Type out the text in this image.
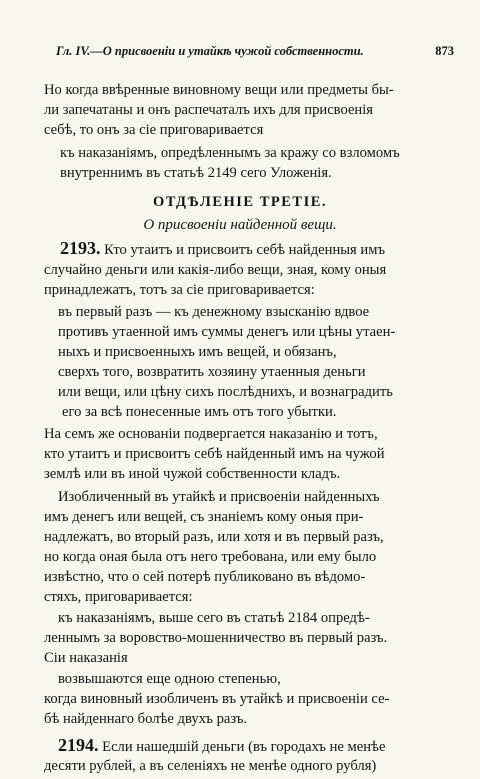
Гл. IV.—О присвоеніи и утайкѣ чужой собственности.	873
Но когда ввѣренные виновному вещи или предметы бы-
ли запечатаны и онъ распечаталъ ихъ для присвоенія
себѣ, то онъ за сіе приговаривается
къ наказаніямъ, опредѣленнымъ за кражу со взломомъ
внутреннимъ въ статьѣ 2149 сего Уложенія.
ОТДѢЛЕНІЕ ТРЕТІЕ.
О присвоеніи найденной вещи.
2193. Кто утаитъ и присвоитъ себѣ найденныя имъ
случайно деньги или какія-либо вещи, зная, кому оныя
принадлежатъ, тотъ за сіе приговаривается:
въ первый разъ — къ денежному взысканію вдвое
противъ утаенной имъ суммы денегъ или цѣны утаен-
ныхъ и присвоенныхъ имъ вещей, и обязанъ,
сверхъ того, возвратить хозяину утаенныя деньги
или вещи, или цѣну сихъ послѣднихъ, и вознаградить
его за всѣ понесенные имъ отъ того убытки.
На семъ же основаніи подвергается наказанію и тотъ,
кто утаитъ и присвоитъ себѣ найденный имъ на чужой
землѣ или въ иной чужой собственности кладъ.
Изобличенный въ утайкѣ и присвоеніи найденныхъ
имъ денегъ или вещей, съ знаніемъ кому оныя при-
надлежатъ, во вторый разъ, или хотя и въ первый разъ,
но когда оная была отъ него требована, или ему было
извѣстно, что о сей потерѣ публиковано въ вѣдомо-
стяхъ, приговаривается:
къ наказаніямъ, выше сего въ статьѣ 2184 опредѣ-
леннымъ за воровство-мошенничество въ первый разъ.
Сіи наказанія
возвышаются еще одною степенью,
когда виновный изобличенъ въ утайкѣ и присвоеніи се-
бѣ найденнаго болѣе двухъ разъ.
2194. Если нашедшій деньги (въ городахъ не менѣе
десяти рублей, а въ селеніяхъ не менѣе одного рубля)
